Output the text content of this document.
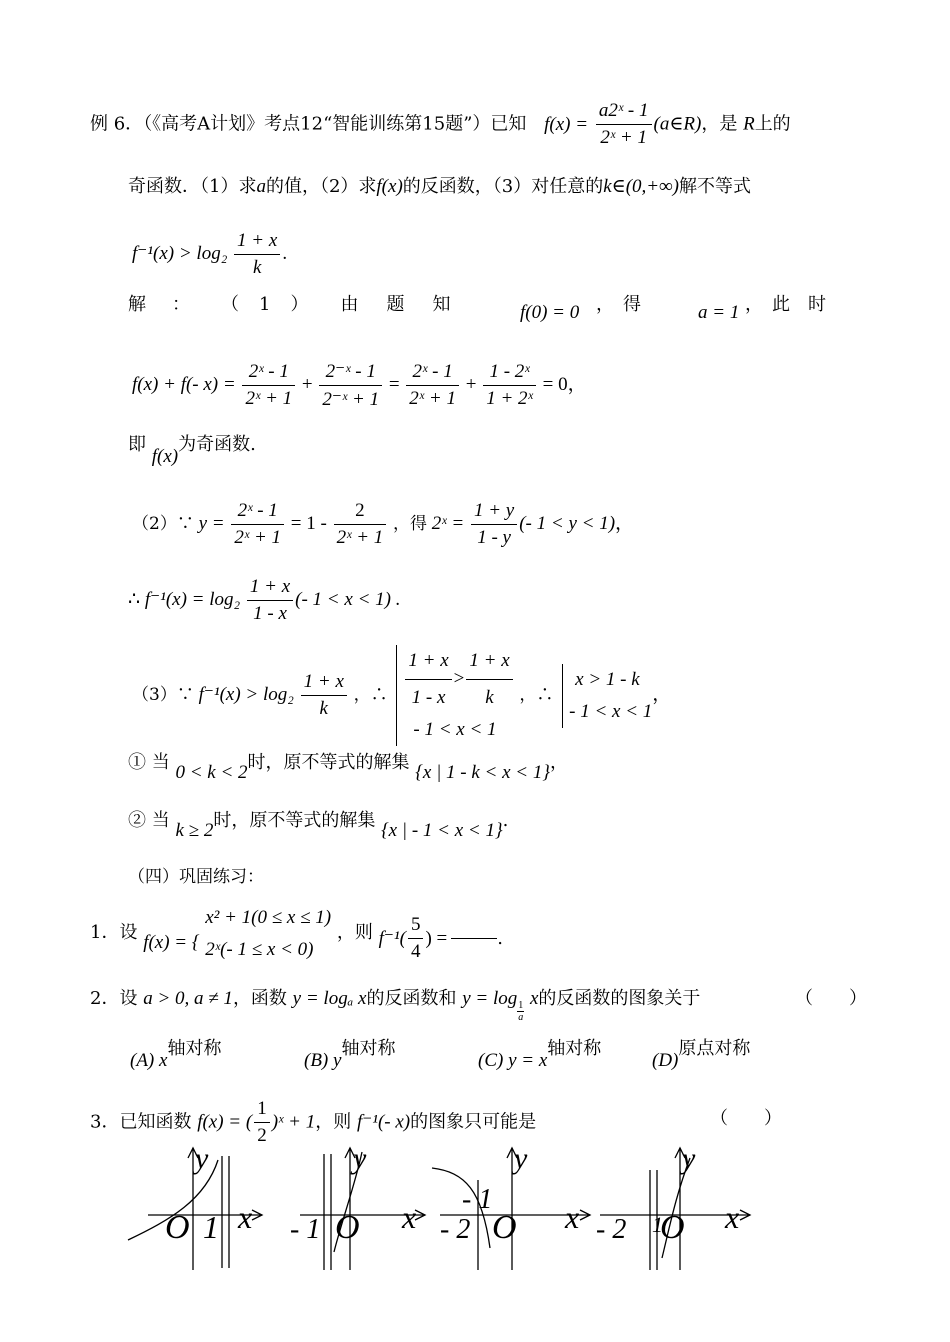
例 6．（《高考A计划》考点12“智能训练第15题”）已知 $f(x) = \frac{\text{a2ˣ - 1}}{\text{2ˣ + 1}}$ (a∈R)，是 R上的
奇函数．（1）求a的值，（2）求f(x)的反函数，（3）对任意的k∈(0,+∞)解不等式
$f^{-1}(x) > \log_2 \frac{1 + x}{k}$ .
解 ： （ 1 ） 由 题 知	f(0) = 0 ，　得	a = 1 ，　此　时
f(x) + f(- $x) = \frac{\text{2ˣ - 1}}{\text{2ˣ + 1}} + \frac{\text{2⁻ˣ - 1}}{\text{2⁻ˣ + 1}} = \frac{\text{2ˣ - 1}}{\text{2ˣ + 1}} + \frac{\text{1 - 2ˣ}}{\text{1 + 2ˣ}} = 0$，
即 f(x)为奇函数.
（2）∵ $y = \frac{\text{2ˣ - 1}}{\text{2ˣ + 1}} = 1 - \frac{2}{\text{2ˣ + 1}}$ ，得 2ˣ = $\frac{1 + y}{1 - y}$ (- 1 < y < 1)，
∴ $f^{-1}(x) = \log_2 \frac{1 + x}{1 - x}$ (- 1 < x < 1) .
（3）∵ $f^{-1}(x) > \log_2 \frac{1 + x}{k}$ ，∴ $\frac{1 + x}{1 - x} > \frac{1 + x}{k}$
- 1 < x < 1
，∴
x > 1 - k
- 1 < x < 1
，
① 当 0 < k < 2时，原不等式的解集 {x | 1 - k < x < 1}，
② 当 k ≥ 2时，原不等式的解集 {x | - 1 < x < 1}.
（四）巩固练习：
1．设 f(x) = {
x² + 1(0 ≤ x ≤ 1)
2ˣ(- 1 ≤ x < 0)
，则 $f^{-1}( \frac{5}{4}$ ) =	.
2．设 a > 0, a ≠ 1，函数 y = logₐ x的反函数和 y = log
$\frac{1}{a}$
x的反函数的图象关于	（　　）
(A) x轴对称(B) y轴对称(C) y = x轴对称(D)原点对称
3．已知函数 f(x) = ( $\frac{1}{2}$ )ˣ + 1，则 f⁻¹(- x)的图象只可能是	（　　）
y
O 1 x
y
- 1 O x
y
- 1
- 2 O x
y
- 2 1
O x
